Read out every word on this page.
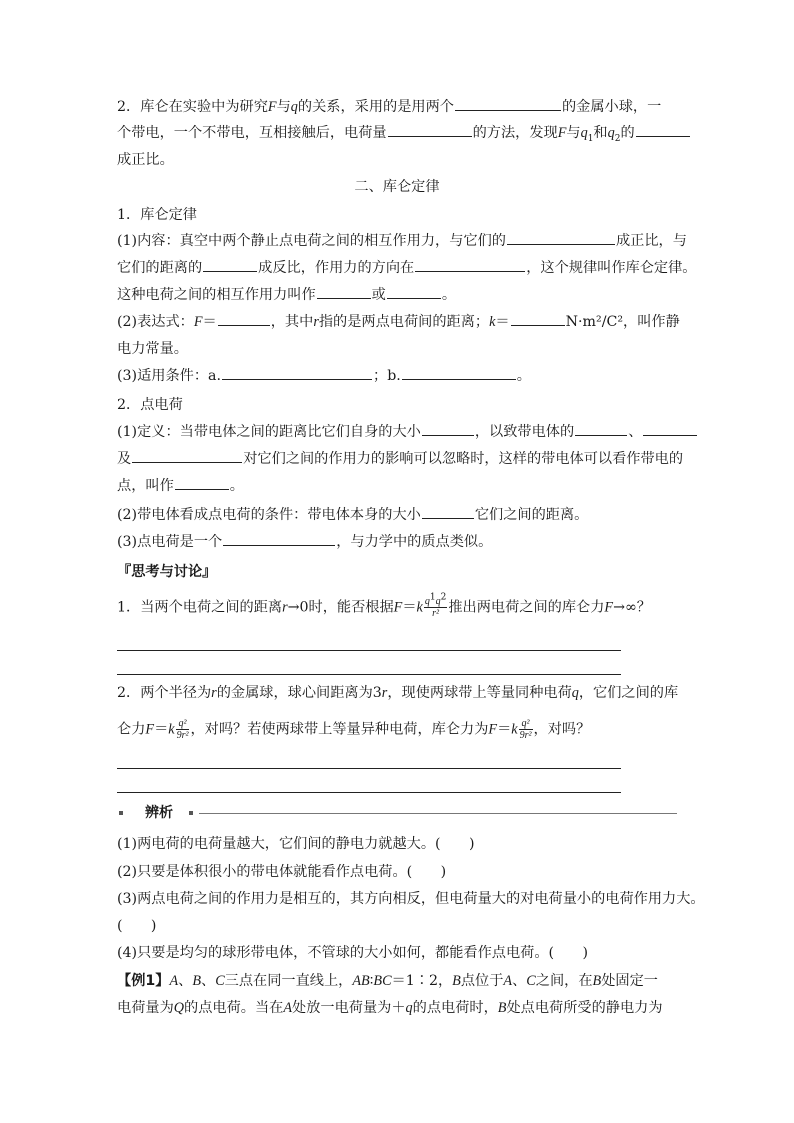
2．库仑在实验中为研究F与q的关系，采用的是用两个	的金属小球，一
个带电，一个不带电，互相接触后，电荷量	的方法，发现F与$q_1$和$q_2$的
成正比。
二、库仑定律
1．库仑定律
(1)内容：真空中两个静止点电荷之间的相互作用力，与它们的	成正比，与
它们的距离的	成反比，作用力的方向在	，这个规律叫作库仑定律。
这种电荷之间的相互作用力叫作	或	。
(2)表达式：F＝	，其中r指的是两点电荷间的距离；k＝	N·m²/C²，叫作静
电力常量。
(3)适用条件：a.	；b.	。
2．点电荷
(1)定义：当带电体之间的距离比它们自身的大小	，以致带电体的	、
及	对它们之间的作用力的影响可以忽略时，这样的带电体可以看作带电的
点，叫作	。
(2)带电体看成点电荷的条件：带电体本身的大小	它们之间的距离。
(3)点电荷是一个	，与力学中的质点类似。
『思考与讨论』
1．当两个电荷之间的距离r→0时，能否根据$F=k \frac{q^1q^2}{\text{r²}}$ 推出两电荷之间的库仑力F→∞？
2．两个半径为r的金属球，球心间距离为3r，现使两球带上等量同种电荷q，它们之间的库
仑力$F=k \frac{\text{q²}}{\text{9r²}}$ ，对吗？若使两球带上等量异种电荷，库仑力为$F=k \frac{\text{q²}}{\text{9r²}}$ ，对吗？
辨析
(1)两电荷的电荷量越大，它们间的静电力就越大。(　　)
(2)只要是体积很小的带电体就能看作点电荷。(　　)
(3)两点电荷之间的作用力是相互的，其方向相反，但电荷量大的对电荷量小的电荷作用力大。
(　　)
(4)只要是均匀的球形带电体，不管球的大小如何，都能看作点电荷。(　　)
【例1】A、B、C三点在同一直线上，AB∶BC＝1∶2，B点位于A、C之间，在B处固定一
电荷量为Q的点电荷。当在A处放一电荷量为＋q的点电荷时，B处点电荷所受的静电力为
